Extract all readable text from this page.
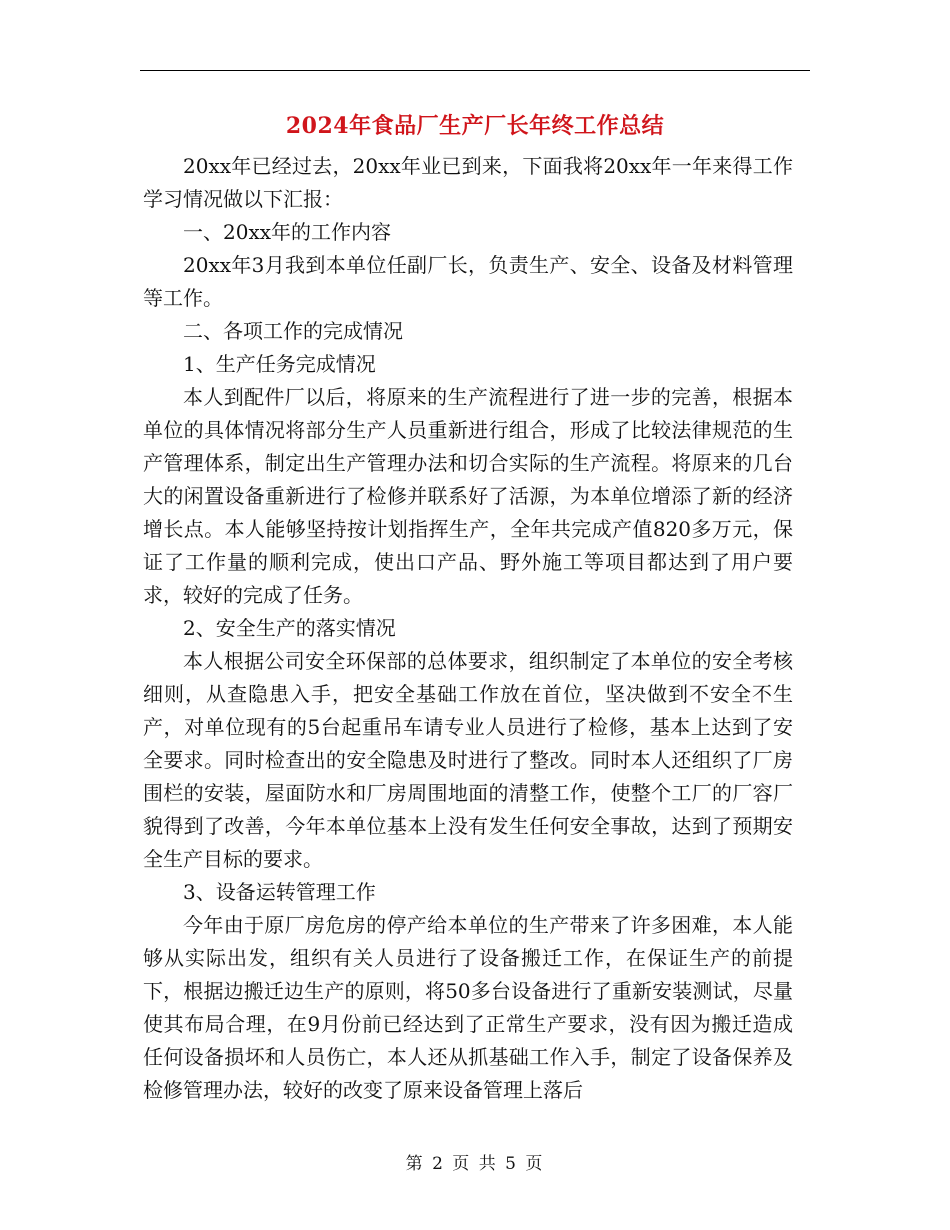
2024年食品厂生产厂长年终工作总结

20xx年已经过去，20xx年业已到来，下面我将20xx年一年来得工作学习情况做以下汇报：

一、20xx年的工作内容

20xx年3月我到本单位任副厂长，负责生产、安全、设备及材料管理等工作。

二、各项工作的完成情况

1、生产任务完成情况

本人到配件厂以后，将原来的生产流程进行了进一步的完善，根据本单位的具体情况将部分生产人员重新进行组合，形成了比较法律规范的生产管理体系，制定出生产管理办法和切合实际的生产流程。将原来的几台大的闲置设备重新进行了检修并联系好了活源，为本单位增添了新的经济增长点。本人能够坚持按计划指挥生产，全年共完成产值820多万元，保证了工作量的顺利完成，使出口产品、野外施工等项目都达到了用户要求，较好的完成了任务。

2、安全生产的落实情况

本人根据公司安全环保部的总体要求，组织制定了本单位的安全考核细则，从查隐患入手，把安全基础工作放在首位，坚决做到不安全不生产，对单位现有的5台起重吊车请专业人员进行了检修，基本上达到了安全要求。同时检查出的安全隐患及时进行了整改。同时本人还组织了厂房围栏的安装，屋面防水和厂房周围地面的清整工作，使整个工厂的厂容厂貌得到了改善，今年本单位基本上没有发生任何安全事故，达到了预期安全生产目标的要求。

3、设备运转管理工作

今年由于原厂房危房的停产给本单位的生产带来了许多困难，本人能够从实际出发，组织有关人员进行了设备搬迁工作，在保证生产的前提下，根据边搬迁边生产的原则，将50多台设备进行了重新安装测试，尽量使其布局合理，在9月份前已经达到了正常生产要求，没有因为搬迁造成任何设备损坏和人员伤亡，本人还从抓基础工作入手，制定了设备保养及检修管理办法，较好的改变了原来设备管理上落后

第 2 页 共 5 页
